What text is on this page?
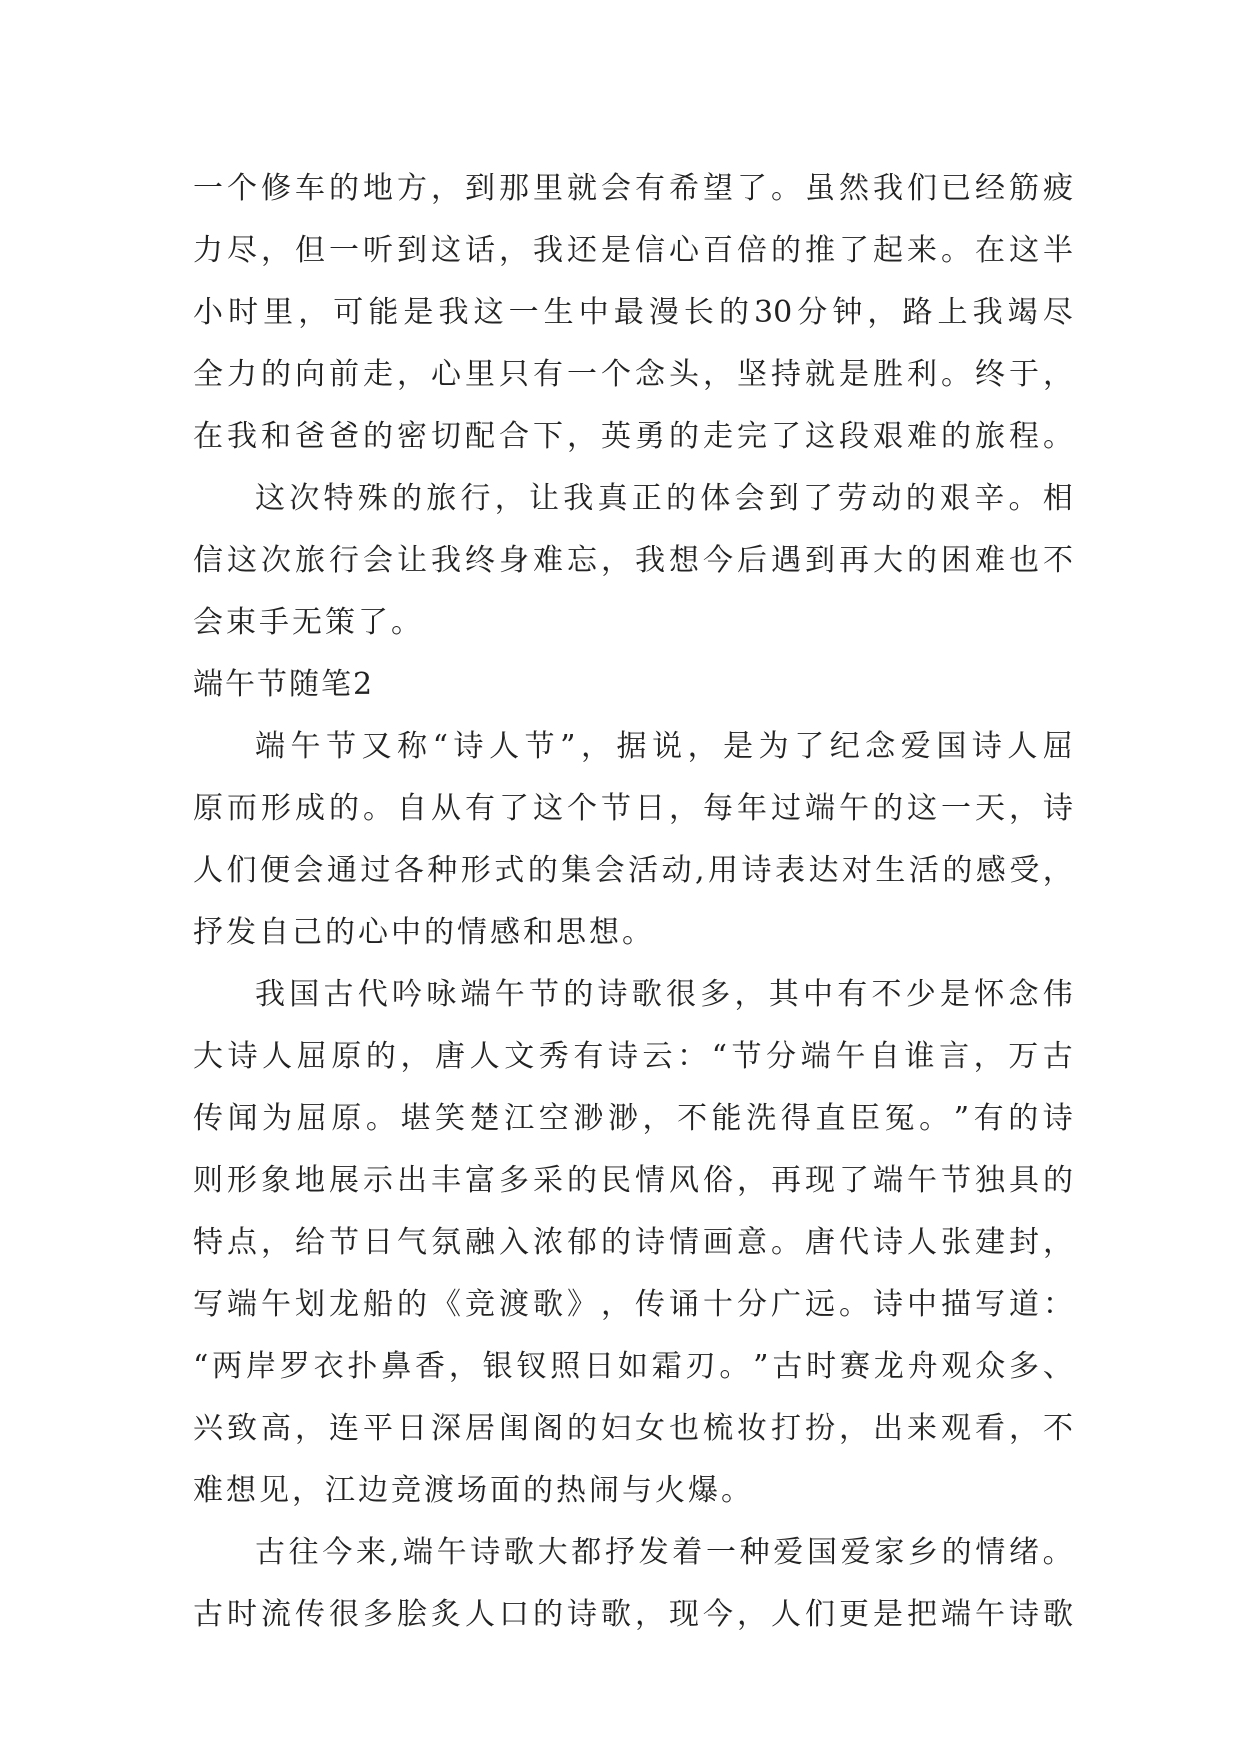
一 个 修 车 的 地 方 ， 到 那 里 就 会 有 希 望 了 。 虽 然 我 们 已 经 筋 疲
力 尽 ， 但 一 听 到 这 话 ， 我 还 是 信 心 百 倍 的 推 了 起 来 。 在 这 半
小 时 里 ， 可 能 是 我 这 一 生 中 最 漫 长 的 30 分 钟 ， 路 上 我 竭 尽
全 力 的 向 前 走 ， 心 里 只 有 一 个 念 头 ， 坚 持 就 是 胜 利 。 终 于 ，
在 我 和 爸 爸 的 密 切 配 合 下 ， 英 勇 的 走 完 了 这 段 艰 难 的 旅 程 。
这 次 特 殊 的 旅 行 ， 让 我 真 正 的 体 会 到 了 劳 动 的 艰 辛 。 相
信 这 次 旅 行 会 让 我 终 身 难 忘 ， 我 想 今 后 遇 到 再 大 的 困 难 也 不
会束手无策了。
端午节随笔2
端 午 节 又 称 “ 诗 人 节 ” ， 据 说 ， 是 为 了 纪 念 爱 国 诗 人 屈
原 而 形 成 的 。 自 从 有 了 这 个 节 日 ， 每 年 过 端 午 的 这 一 天 ， 诗
人 们 便 会 通 过 各 种 形 式 的 集 会 活 动 , 用 诗 表 达 对 生 活 的 感 受 ，
抒发自己的心中的情感和思想。
我 国 古 代 吟 咏 端 午 节 的 诗 歌 很 多 ， 其 中 有 不 少 是 怀 念 伟
大 诗 人 屈 原 的 ， 唐 人 文 秀 有 诗 云 ： “ 节 分 端 午 自 谁 言 ， 万 古
传 闻 为 屈 原 。 堪 笑 楚 江 空 渺 渺 ， 不 能 洗 得 直 臣 冤 。 ” 有 的 诗
则 形 象 地 展 示 出 丰 富 多 采 的 民 情 风 俗 ， 再 现 了 端 午 节 独 具 的
特 点 ， 给 节 日 气 氛 融 入 浓 郁 的 诗 情 画 意 。 唐 代 诗 人 张 建 封 ，
写 端 午 划 龙 船 的 《 竞 渡 歌 》 ， 传 诵 十 分 广 远 。 诗 中 描 写 道 ：
“ 两 岸 罗 衣 扑 鼻 香 ， 银 钗 照 日 如 霜 刃 。 ” 古 时 赛 龙 舟 观 众 多 、
兴 致 高 ， 连 平 日 深 居 闺 阁 的 妇 女 也 梳 妆 打 扮 ， 出 来 观 看 ， 不
难想见，江边竞渡场面的热闹与火爆。
古 往 今 来 , 端 午 诗 歌 大 都 抒 发 着 一 种 爱 国 爱 家 乡 的 情 绪 。
古 时 流 传 很 多 脍 炙 人 口 的 诗 歌 ， 现 今 ， 人 们 更 是 把 端 午 诗 歌
